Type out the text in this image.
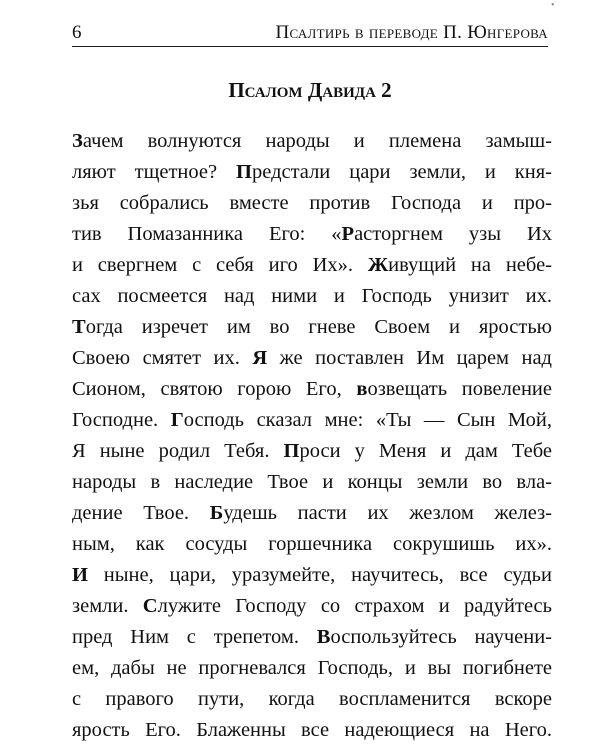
•
6	Псалтирь в переводе П. Юнгерова
Псалом Давида 2
Зачем волнуются народы и племена замыш-
ляют тщетное? Предстали цари земли, и кня-
зья собрались вместе против Господа и про-
тив Помазанника Его: «Расторгнем узы Их
и свергнем с себя иго Их». Живущий на небе-
сах посмеется над ними и Господь унизит их.
Тогда изречет им во гневе Своем и яростью
Своею смятет их. Я же поставлен Им царем над
Сионом, святою горою Его, возвещать повеление
Господне. Господь сказал мне: «Ты — Сын Мой,
Я ныне родил Тебя. Проси у Меня и дам Тебе
народы в наследие Твое и концы земли во вла-
дение Твое. Будешь пасти их жезлом желез-
ным, как сосуды горшечника сокрушишь их».
И ныне, цари, уразумейте, научитесь, все судьи
земли. Служите Господу со страхом и радуйтесь
пред Ним с трепетом. Воспользуйтесь научени-
ем, дабы не прогневался Господь, и вы погибнете
с правого пути, когда воспламенится вскоре
ярость Его. Блаженны все надеющиеся на Него.
